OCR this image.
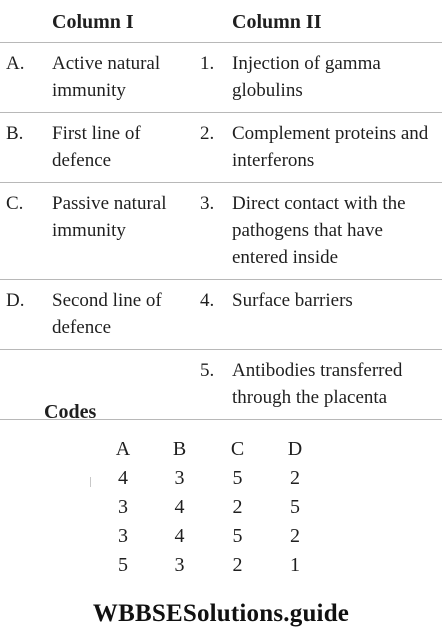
	Column I		Column II

A.	Active natural immunity	1.	Injection of gamma globulins

B.	First line of defence	2.	Complement proteins and interferons

C.	Passive natural immunity	3.	Direct contact with the pathogens that have entered inside

D.	Second line of defence	4.	Surface barriers

		5.	Antibodies transferred through the placenta
Codes
A	B	C	D
4	3	5	2
3	4	2	5
3	4	5	2
5	3	2	1
WBBSESolutions.guide
